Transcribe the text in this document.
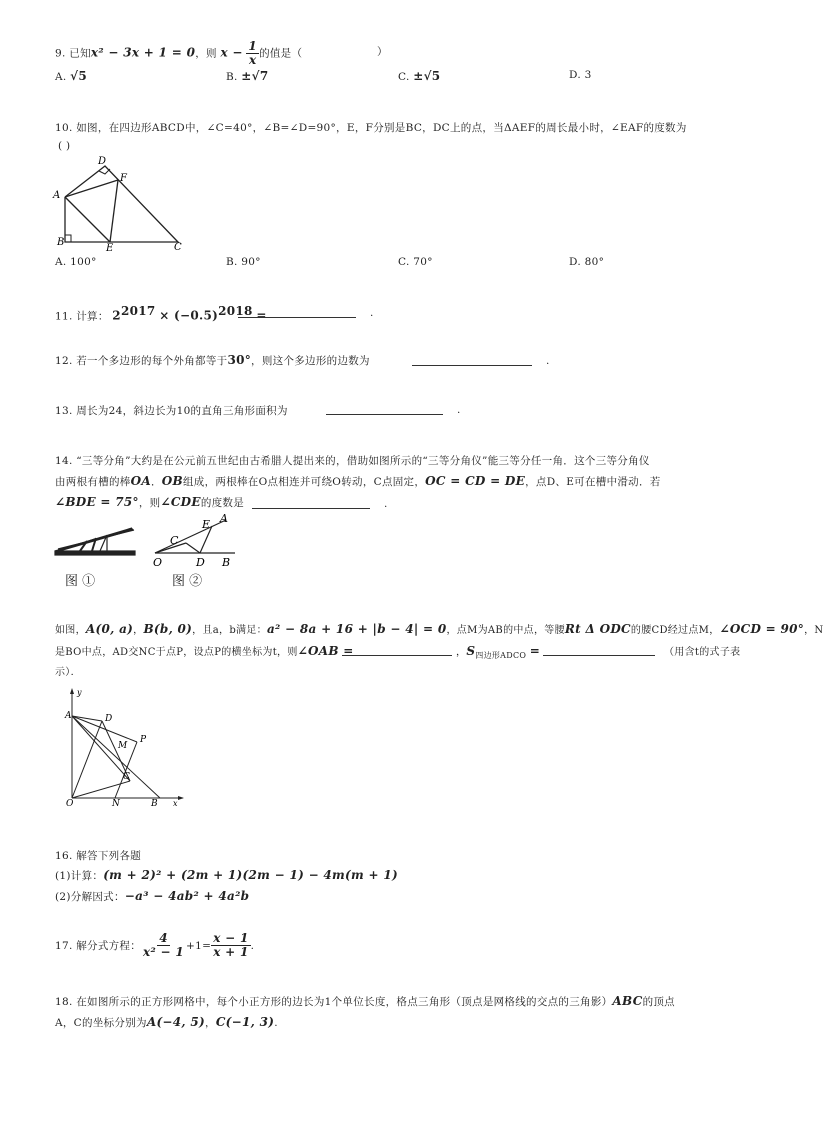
9. 已知x² − 3x + 1 = 0，则 $x - \frac{1}{x}$ 的值是（	）
A. √5	B. ±√7	C. ±√5	D. 3
10. 如图，在四边形ABCD中，∠C=40°，∠B=∠D=90°，E，F分别是BC，DC上的点，当ΔAEF的周长最小时，∠EAF的度数为
( )
A
B	C
D
E
F
A. 100°	B. 90°	C. 70°	D. 80°
11. 计算： $2^{2017} \times (-0.5)^{2018}$ =	.
12. 若一个多边形的每个外角都等于30°，则这个多边形的边数为	.
13. 周长为24，斜边长为10的直角三角形面积为	.
14. “三等分角”大约是在公元前五世纪由古希腊人提出来的，借助如图所示的“三等分角仪”能三等分任一角．这个三等分角仪
由两根有槽的棒OA．OB组成，两根棒在O点相连并可绕O转动，C点固定，OC = CD = DE，点D、E可在槽中滑动．若
∠BDE = 75°，则∠CDE的度数是	.
图 ①
O
C
D B
E A
图 ②
如图，A(0, a)，B(b, 0)，且a，b满足：a² − 8a + 16 + |b − 4| = 0，点M为AB的中点，等腰Rt Δ ODC的腰CD经过点M，∠OCD = 90°，N
是BO中点，AD交NC于点P，设点P的横坐标为t，则∠OAB =	，$S_{四边形ADCO}$ =	（用含t的式子表
示）．
y
A	D
M
P
C
O	N	B x
16. 解答下列各题
(1)计算：(m + 2)² + (2m + 1)(2m − 1) − 4m(m + 1)
(2)分解因式：−a³ − 4ab² + 4a²b
17. 解分式方程： $\frac{4}{\text{x² − 1}} +1= \frac{x - 1}{x + 1}$ .
18. 在如图所示的正方形网格中，每个小正方形的边长为1个单位长度，格点三角形（顶点是网格线的交点的三角影）ABC的顶点
A，C的坐标分别为A(−4, 5)，C(−1, 3).
